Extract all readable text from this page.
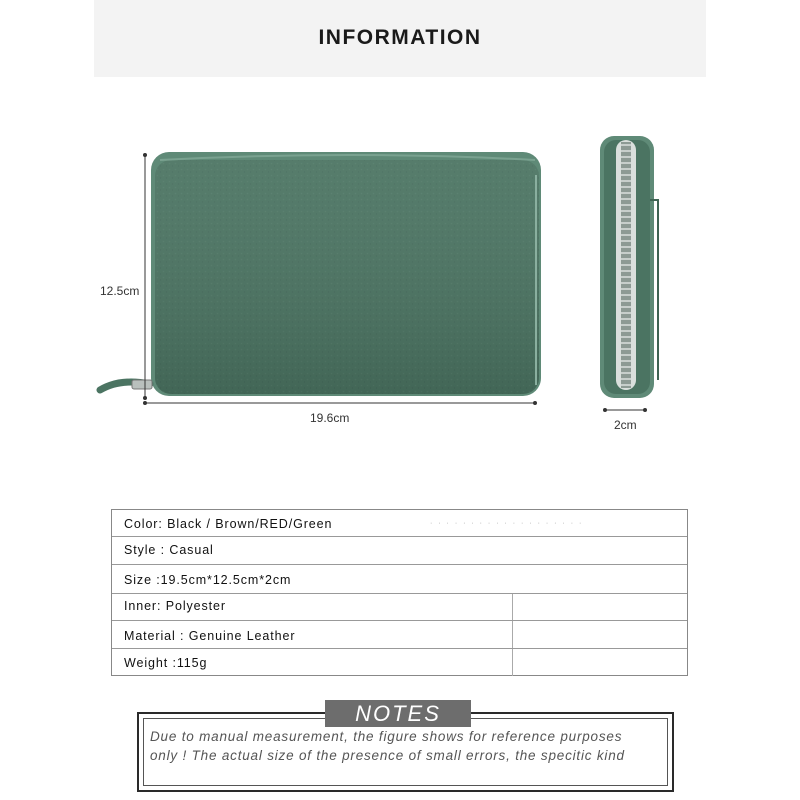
INFORMATION
12.5cm
19.6cm	2cm
Color: Black / Brown/RED/Green	· · · · · · · · · · · · · · · · · · ·
Style : Casual
Size :19.5cm*12.5cm*2cm
Inner: Polyester
Material : Genuine Leather
Weight :115g
NOTES
Due to manual measurement, the figure shows for reference purposes
only ! The actual size of the presence of small errors, the specitic kind
